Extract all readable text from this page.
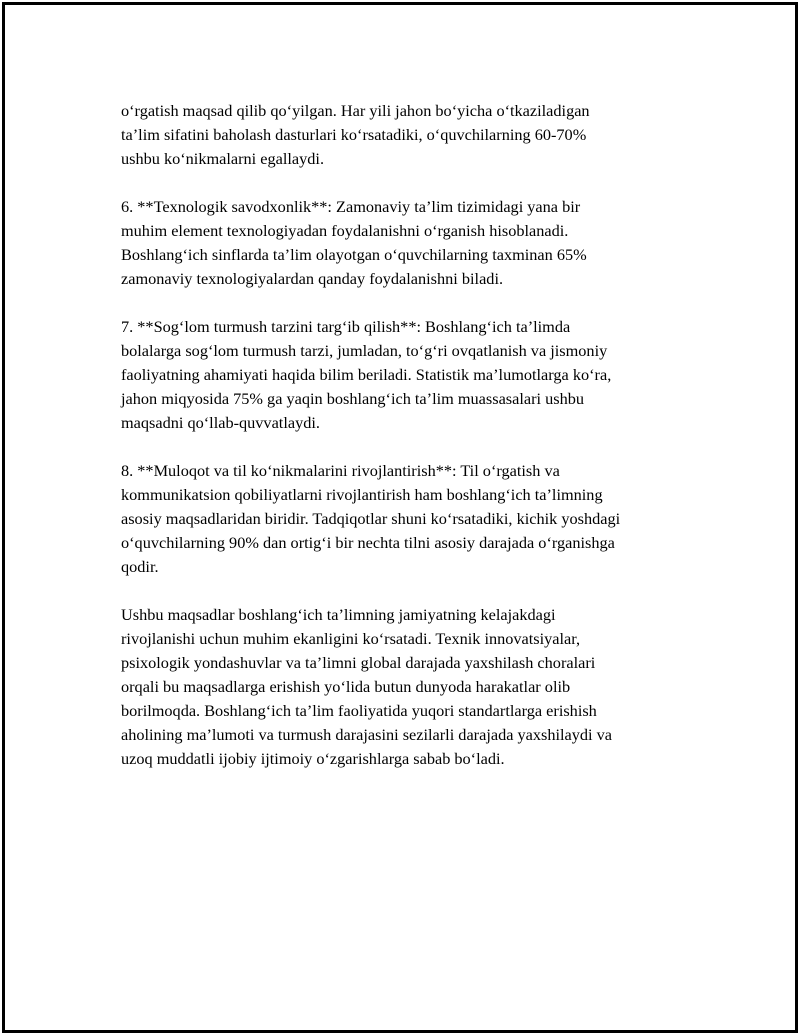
o‘rgatish maqsad qilib qo‘yilgan. Har yili jahon bo‘yicha o‘tkaziladigan
ta’lim sifatini baholash dasturlari ko‘rsatadiki, o‘quvchilarning 60-70%
ushbu ko‘nikmalarni egallaydi.

6. **Texnologik savodxonlik**: Zamonaviy ta’lim tizimidagi yana bir
muhim element texnologiyadan foydalanishni o‘rganish hisoblanadi.
Boshlang‘ich sinflarda ta’lim olayotgan o‘quvchilarning taxminan 65%
zamonaviy texnologiyalardan qanday foydalanishni biladi.

7. **Sog‘lom turmush tarzini targ‘ib qilish**: Boshlang‘ich ta’limda
bolalarga sog‘lom turmush tarzi, jumladan, to‘g‘ri ovqatlanish va jismoniy
faoliyatning ahamiyati haqida bilim beriladi. Statistik ma’lumotlarga ko‘ra,
jahon miqyosida 75% ga yaqin boshlang‘ich ta’lim muassasalari ushbu
maqsadni qo‘llab-quvvatlaydi.

8. **Muloqot va til ko‘nikmalarini rivojlantirish**: Til o‘rgatish va
kommunikatsion qobiliyatlarni rivojlantirish ham boshlang‘ich ta’limning
asosiy maqsadlaridan biridir. Tadqiqotlar shuni ko‘rsatadiki, kichik yoshdagi
o‘quvchilarning 90% dan ortig‘i bir nechta tilni asosiy darajada o‘rganishga
qodir.

Ushbu maqsadlar boshlang‘ich ta’limning jamiyatning kelajakdagi
rivojlanishi uchun muhim ekanligini ko‘rsatadi. Texnik innovatsiyalar,
psixologik yondashuvlar va ta’limni global darajada yaxshilash choralari
orqali bu maqsadlarga erishish yo‘lida butun dunyoda harakatlar olib
borilmoqda. Boshlang‘ich ta’lim faoliyatida yuqori standartlarga erishish
aholining ma’lumoti va turmush darajasini sezilarli darajada yaxshilaydi va
uzoq muddatli ijobiy ijtimoiy o‘zgarishlarga sabab bo‘ladi.
